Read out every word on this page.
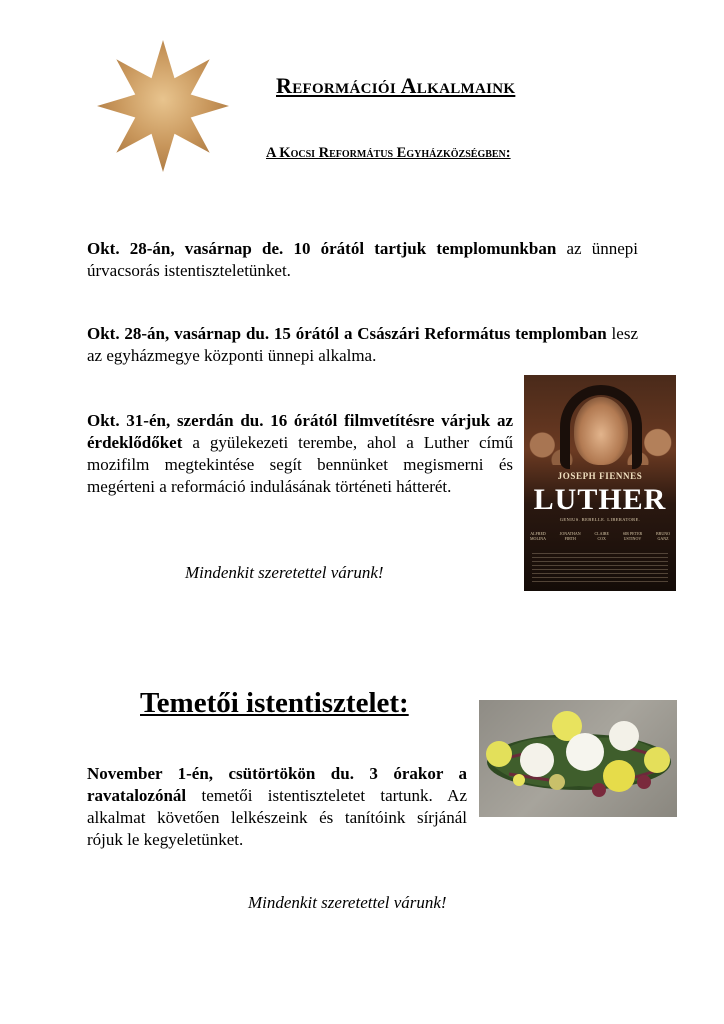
Reformációi Alkalmaink
A Kocsi Református Egyházközségben:
Okt. 28-án, vasárnap de. 10 órától tartjuk templomunkban az ünnepi úrvacsorás istentiszteletünket.
Okt. 28-án, vasárnap du. 15 órától a Császári Református templomban lesz az egyházmegye központi ünnepi alkalma.
Okt. 31-én, szerdán du. 16 órától filmvetítésre várjuk az érdeklődőket a gyülekezeti terembe, ahol a Luther című mozifilm megtekintése segít bennünket megismerni és megérteni a reformáció indulásának történeti hátterét.
Mindenkit szeretettel várunk!
JOSEPH FIENNES
LUTHER
GENIUS. REBELLE. LIBERATORE.
ALFRED
MOLINA
JONATHAN
FIRTH
CLAIRE
COX
SIR PETER
USTINOV
BRUNO
GANZ
Temetői istentisztelet:
November 1-én, csütörtökön du. 3 órakor a ravatalozónál temetői istentiszteletet tartunk. Az alkalmat követően lelkészeink és tanítóink sírjánál rójuk le kegyeletünket.
Mindenkit szeretettel várunk!
